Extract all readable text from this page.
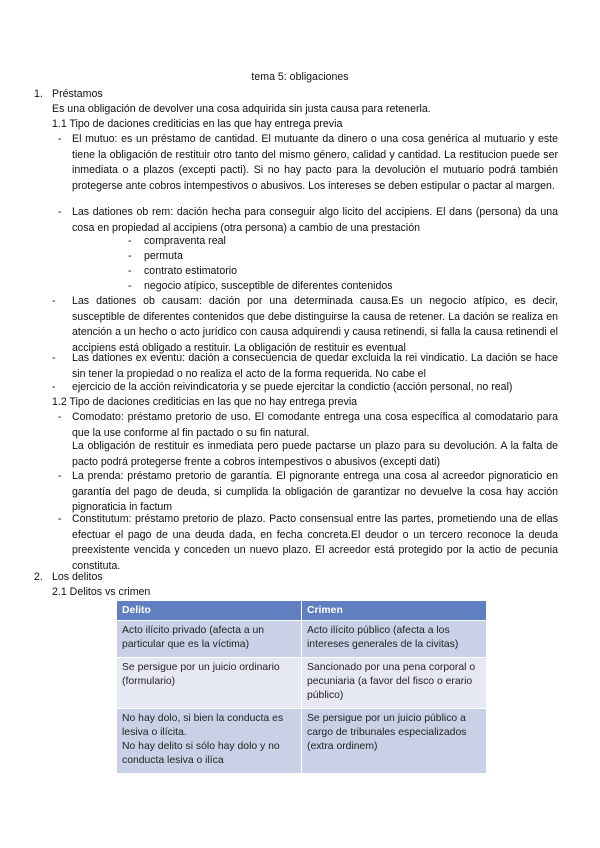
tema 5: obligaciones
1. Préstamos
Es una obligación de devolver una cosa adquirida sin justa causa para retenerla.
1.1 Tipo de daciones crediticias en las que hay entrega previa
- El mutuo: es un préstamo de cantidad. El mutuante da dinero o una cosa genérica al mutuario y este tiene la obligación de restituir otro tanto del mismo género, calidad y cantidad. La restitucion puede ser inmediata o a plazos (excepti pacti). Si no hay pacto para la devolución el mutuario podrá también protegerse ante cobros intempestivos o abusivos. Los intereses se deben estipular o pactar al margen.
- Las dationes ob rem: dación hecha para conseguir algo licito del accipiens. El dans (persona) da una cosa en propiedad al accipiens (otra persona) a cambio de una prestación
-	compraventa real
-	permuta
-	contrato estimatorio
-	negocio atípico, susceptible de diferentes contenidos
-	Las dationes ob causam: dación por una determinada causa.Es un negocio atípico, es decir, susceptible de diferentes contenidos que debe distinguirse la causa de retener. La dación se realiza en atención a un hecho o acto jurídico con causa adquirendi y causa retinendi, si falla la causa retinendi el accipiens está obligado a restituir. La obligación de restituir es eventual
-	Las dationes ex eventu: dación a consecuencia de quedar excluida la rei vindicatio. La dación se hace sin tener la propiedad o no realiza el acto de la forma requerida. No cabe el
-	ejercicio de la acción reivindicatoria y se puede ejercitar la condictio (acción personal, no real)
1.2 Tipo de daciones crediticias en las que no hay entrega previa
- Comodato: préstamo pretorio de uso. El comodante entrega una cosa específica al comodatario para que la use conforme al fin pactado o su fin natural.
La obligación de restituir es inmediata pero puede pactarse un plazo para su devolución. A la falta de pacto podrá protegerse frente a cobros intempestivos o abusivos (excepti dati)
- La prenda: préstamo pretorio de garantía. El pignorante entrega una cosa al acreedor pignoraticio en garantía del pago de deuda, si cumplida la obligación de garantizar no devuelve la cosa hay acción pignoraticia in factum
- Constitutum: préstamo pretorio de plazo. Pacto consensual entre las partes, prometiendo una de ellas efectuar el pago de una deuda dada, en fecha concreta.El deudor o un tercero reconoce la deuda preexistente vencida y conceden un nuevo plazo. El acreedor está protegido por la actio de pecunia constituta.
2. Los delitos
2.1 Delitos vs crimen
Delito	Crimen
Acto ilícito privado (afecta a un particular que es la víctima)	Acto ilícito público (afecta a los intereses generales de la civitas)
Se persigue por un juicio ordinario (formulario)	Sancionado por una pena corporal o pecuniaria (a favor del fisco o erario público)
No hay dolo, si bien la conducta es lesiva o ilícita.
No hay delito si sólo hay dolo y no conducta lesiva o ilíca	Se persigue por un juicio público a cargo de tribunales especializados (extra ordinem)
